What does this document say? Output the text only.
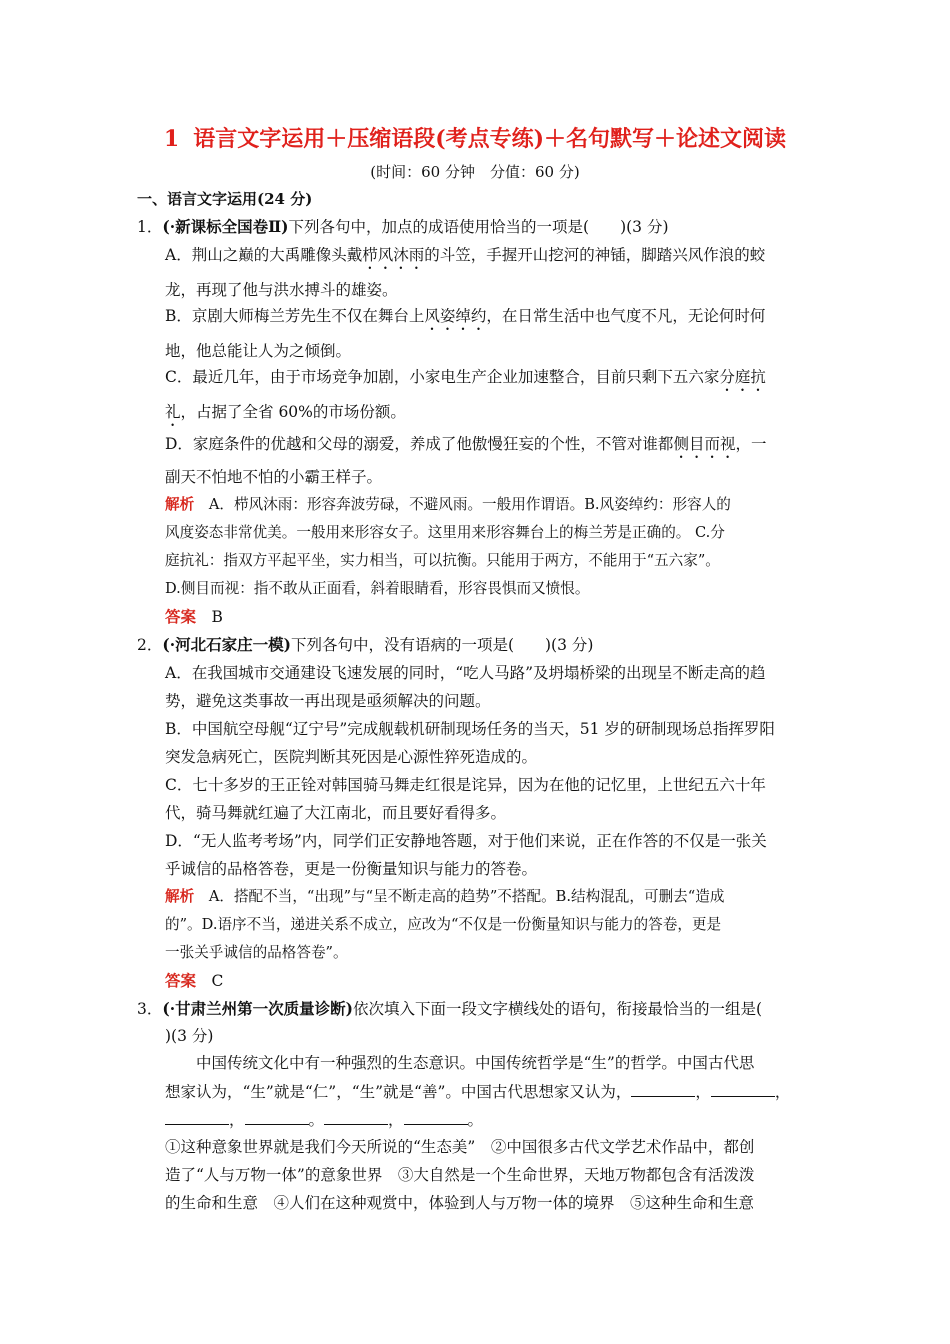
1 语言文字运用＋压缩语段(考点专练)＋名句默写＋论述文阅读
(时间：60 分钟　分值：60 分)
一、语言文字运用(24 分)
1．(·新课标全国卷Ⅱ)下列各句中，加点的成语使用恰当的一项是(　　)(3 分)
A．荆山之巅的大禹雕像头戴栉风沐雨的斗笠，手握开山挖河的神锸，脚踏兴风作浪的蛟
龙，再现了他与洪水搏斗的雄姿。
B．京剧大师梅兰芳先生不仅在舞台上风姿绰约，在日常生活中也气度不凡，无论何时何
地，他总能让人为之倾倒。
C．最近几年，由于市场竞争加剧，小家电生产企业加速整合，目前只剩下五六家分庭抗
礼，占据了全省 60%的市场份额。
D．家庭条件的优越和父母的溺爱，养成了他傲慢狂妄的个性，不管对谁都侧目而视，一
副天不怕地不怕的小霸王样子。
解析　 A．栉风沐雨：形容奔波劳碌，不避风雨。一般用作谓语。B.风姿绰约：形容人的
风度姿态非常优美。一般用来形容女子。这里用来形容舞台上的梅兰芳是正确的。 C.分
庭抗礼：指双方平起平坐，实力相当，可以抗衡。只能用于两方，不能用于“五六家”。
D.侧目而视：指不敢从正面看，斜着眼睛看，形容畏惧而又愤恨。
答案　 B
2．(·河北石家庄一模)下列各句中，没有语病的一项是(　　)(3 分)
A．在我国城市交通建设飞速发展的同时，“吃人马路”及坍塌桥梁的出现呈不断走高的趋
势，避免这类事故一再出现是亟须解决的问题。
B．中国航空母舰“辽宁号”完成舰载机研制现场任务的当天，51 岁的研制现场总指挥罗阳
突发急病死亡，医院判断其死因是心源性猝死造成的。
C．七十多岁的王正铨对韩国骑马舞走红很是诧异，因为在他的记忆里，上世纪五六十年
代，骑马舞就红遍了大江南北，而且要好看得多。
D．“无人监考考场”内，同学们正安静地答题，对于他们来说，正在作答的不仅是一张关
乎诚信的品格答卷，更是一份衡量知识与能力的答卷。
解析　 A．搭配不当，“出现”与“呈不断走高的趋势”不搭配。B.结构混乱，可删去“造成
的”。D.语序不当，递进关系不成立，应改为“不仅是一份衡量知识与能力的答卷，更是
一张关乎诚信的品格答卷”。
答案　 C
3．(·甘肃兰州第一次质量诊断)依次填入下面一段文字横线处的语句，衔接最恰当的一组是(
)(3 分)
中国传统文化中有一种强烈的生态意识。中国传统哲学是“生”的哲学。中国古代思
想家认为，“生”就是“仁”，“生”就是“善”。中国古代思想家又认为，	，	，
，	。	，	。
①这种意象世界就是我们今天所说的“生态美”　②中国很多古代文学艺术作品中，都创
造了“人与万物一体”的意象世界　③大自然是一个生命世界，天地万物都包含有活泼泼
的生命和生意　④人们在这种观赏中，体验到人与万物一体的境界　⑤这种生命和生意
